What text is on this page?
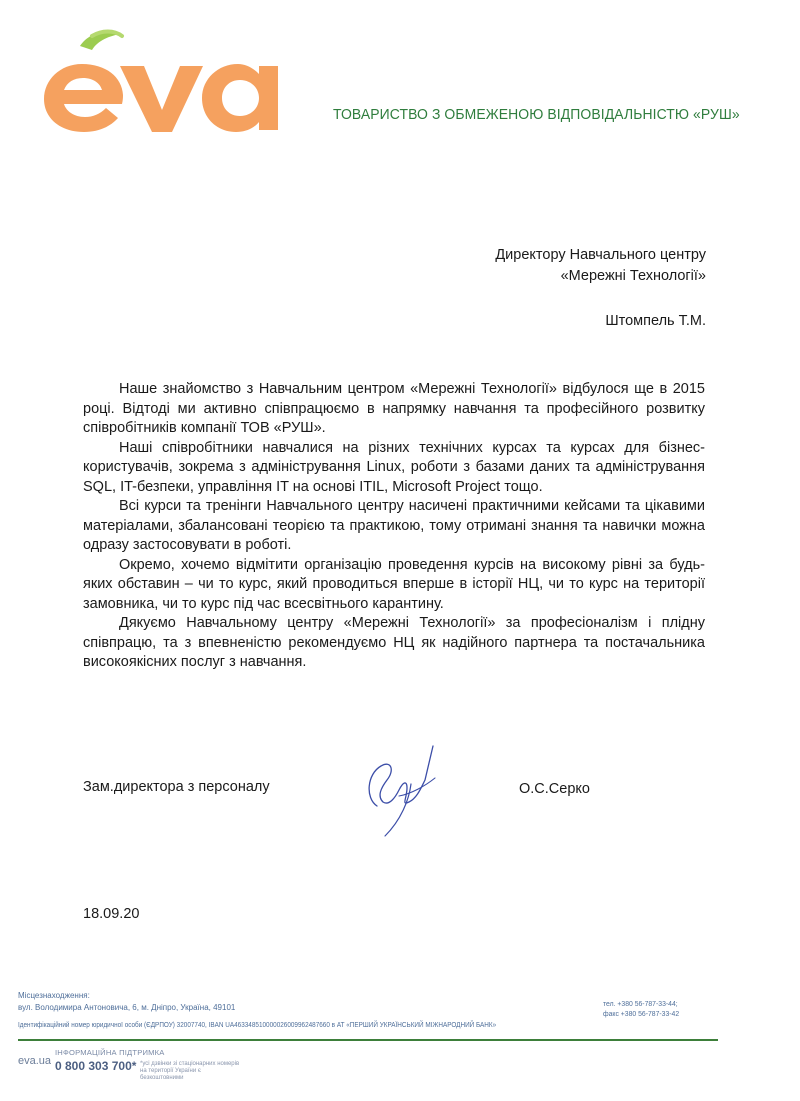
ТОВАРИСТВО З ОБМЕЖЕНОЮ ВІДПОВІДАЛЬНІСТЮ «РУШ»
Директору Навчального центру
«Мережні Технології»
Штомпель Т.М.

Наше знайомство з Навчальним центром «Мережні Технології» відбулося ще в 2015 році. Відтоді ми активно співпрацюємо в напрямку навчання та професійного розвитку співробітників компанії ТОВ «РУШ».

Наші співробітники навчалися на різних технічних курсах та курсах для бізнес-користувачів, зокрема з адміністрування Linux, роботи з базами даних та адміністрування SQL, IT-безпеки, управління IT на основі ITIL, Microsoft Project тощо.

Всі курси та тренінги Навчального центру насичені практичними кейсами та цікавими матеріалами, збалансовані теорією та практикою, тому отримані знання та навички можна одразу застосовувати в роботі.

Окремо, хочемо відмітити організацію проведення курсів на високому рівні за будь-яких обставин – чи то курс, який проводиться вперше в історії НЦ, чи то курс на території замовника, чи то курс під час всесвітнього карантину.

Дякуємо Навчальному центру «Мережні Технології» за професіоналізм і плідну співпрацю, та з впевненістю рекомендуємо НЦ як надійного партнера та постачальника високоякісних послуг з навчання.

Зам.директора з персоналу	О.С.Серко
18.09.20
Місцезнаходження:
вул. Володимира Антоновича, 6, м. Дніпро, Україна, 49101
Ідентифікаційний номер юридичної особи (ЄДРПОУ) 32007740, IBAN UA463348510000026009962487660 в АТ «ПЕРШИЙ УКРАЇНСЬКИЙ МІЖНАРОДНИЙ БАНК»
тел. +380 56-787-33-44;
факс +380 56-787-33-42
eva.ua
ІНФОРМАЦІЙНА ПІДТРИМКА
0 800 303 700* *усі дзвінки зі стаціонарних номерів на території України є безкоштовними
